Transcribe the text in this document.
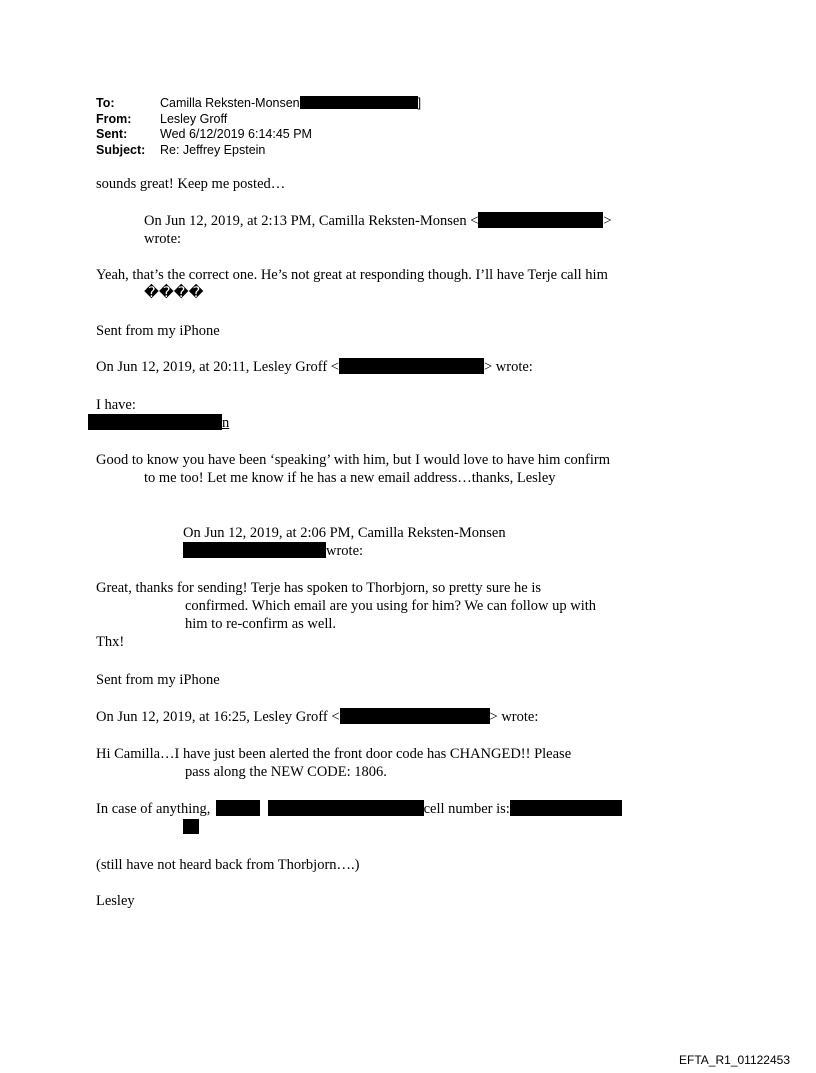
To:	Camilla Reksten-Monsen	]
From:	Lesley Groff
Sent:	Wed 6/12/2019 6:14:45 PM
Subject:	Re: Jeffrey Epstein
sounds great! Keep me posted…
On Jun 12, 2019, at 2:13 PM, Camilla Reksten-Monsen <	>
wrote:
Yeah, that’s the correct one. He’s not great at responding though. I’ll have Terje call him
����
Sent from my iPhone
On Jun 12, 2019, at 20:11, Lesley Groff <	> wrote:
I have:
n
Good to know you have been ‘speaking’ with him, but I would love to have him confirm
to me too! Let me know if he has a new email address…thanks, Lesley
On Jun 12, 2019, at 2:06 PM, Camilla Reksten-Monsen
wrote:
Great, thanks for sending! Terje has spoken to Thorbjorn, so pretty sure he is
confirmed. Which email are you using for him? We can follow up with
him to re-confirm as well.
Thx!
Sent from my iPhone
On Jun 12, 2019, at 16:25, Lesley Groff <	> wrote:
Hi Camilla…I have just been alerted the front door code has CHANGED!! Please
pass along the NEW CODE: 1806.
In case of anything,	cell number is:
(still have not heard back from Thorbjorn….)
Lesley
EFTA_R1_01122453
